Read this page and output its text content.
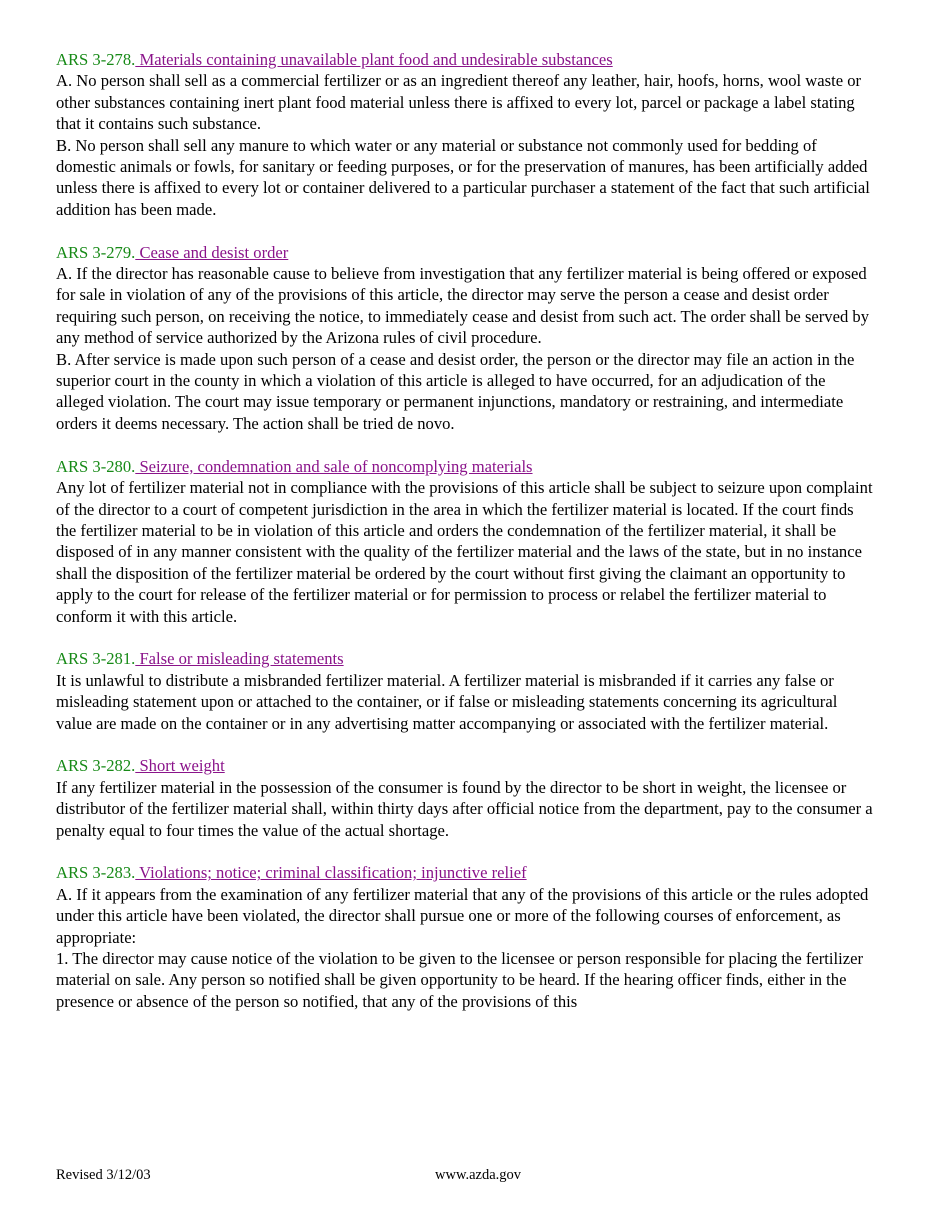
ARS 3-278. Materials containing unavailable plant food and undesirable substances

A. No person shall sell as a commercial fertilizer or as an ingredient thereof any leather, hair, hoofs, horns, wool waste or other substances containing inert plant food material unless there is affixed to every lot, parcel or package a label stating that it contains such substance.

B. No person shall sell any manure to which water or any material or substance not commonly used for bedding of domestic animals or fowls, for sanitary or feeding purposes, or for the preservation of manures, has been artificially added unless there is affixed to every lot or container delivered to a particular purchaser a statement of the fact that such artificial addition has been made.

ARS 3-279. Cease and desist order

A. If the director has reasonable cause to believe from investigation that any fertilizer material is being offered or exposed for sale in violation of any of the provisions of this article, the director may serve the person a cease and desist order requiring such person, on receiving the notice, to immediately cease and desist from such act. The order shall be served by any method of service authorized by the Arizona rules of civil procedure.

B. After service is made upon such person of a cease and desist order, the person or the director may file an action in the superior court in the county in which a violation of this article is alleged to have occurred, for an adjudication of the alleged violation. The court may issue temporary or permanent injunctions, mandatory or restraining, and intermediate orders it deems necessary. The action shall be tried de novo.

ARS 3-280. Seizure, condemnation and sale of noncomplying materials

Any lot of fertilizer material not in compliance with the provisions of this article shall be subject to seizure upon complaint of the director to a court of competent jurisdiction in the area in which the fertilizer material is located. If the court finds the fertilizer material to be in violation of this article and orders the condemnation of the fertilizer material, it shall be disposed of in any manner consistent with the quality of the fertilizer material and the laws of the state, but in no instance shall the disposition of the fertilizer material be ordered by the court without first giving the claimant an opportunity to apply to the court for release of the fertilizer material or for permission to process or relabel the fertilizer material to conform it with this article.

ARS 3-281. False or misleading statements

It is unlawful to distribute a misbranded fertilizer material. A fertilizer material is misbranded if it carries any false or misleading statement upon or attached to the container, or if false or misleading statements concerning its agricultural value are made on the container or in any advertising matter accompanying or associated with the fertilizer material.

ARS 3-282. Short weight

If any fertilizer material in the possession of the consumer is found by the director to be short in weight, the licensee or distributor of the fertilizer material shall, within thirty days after official notice from the department, pay to the consumer a penalty equal to four times the value of the actual shortage.

ARS 3-283. Violations; notice; criminal classification; injunctive relief

A. If it appears from the examination of any fertilizer material that any of the provisions of this article or the rules adopted under this article have been violated, the director shall pursue one or more of the following courses of enforcement, as appropriate:

1. The director may cause notice of the violation to be given to the licensee or person responsible for placing the fertilizer material on sale. Any person so notified shall be given opportunity to be heard. If the hearing officer finds, either in the presence or absence of the person so notified, that any of the provisions of this

Revised 3/12/03	www.azda.gov
